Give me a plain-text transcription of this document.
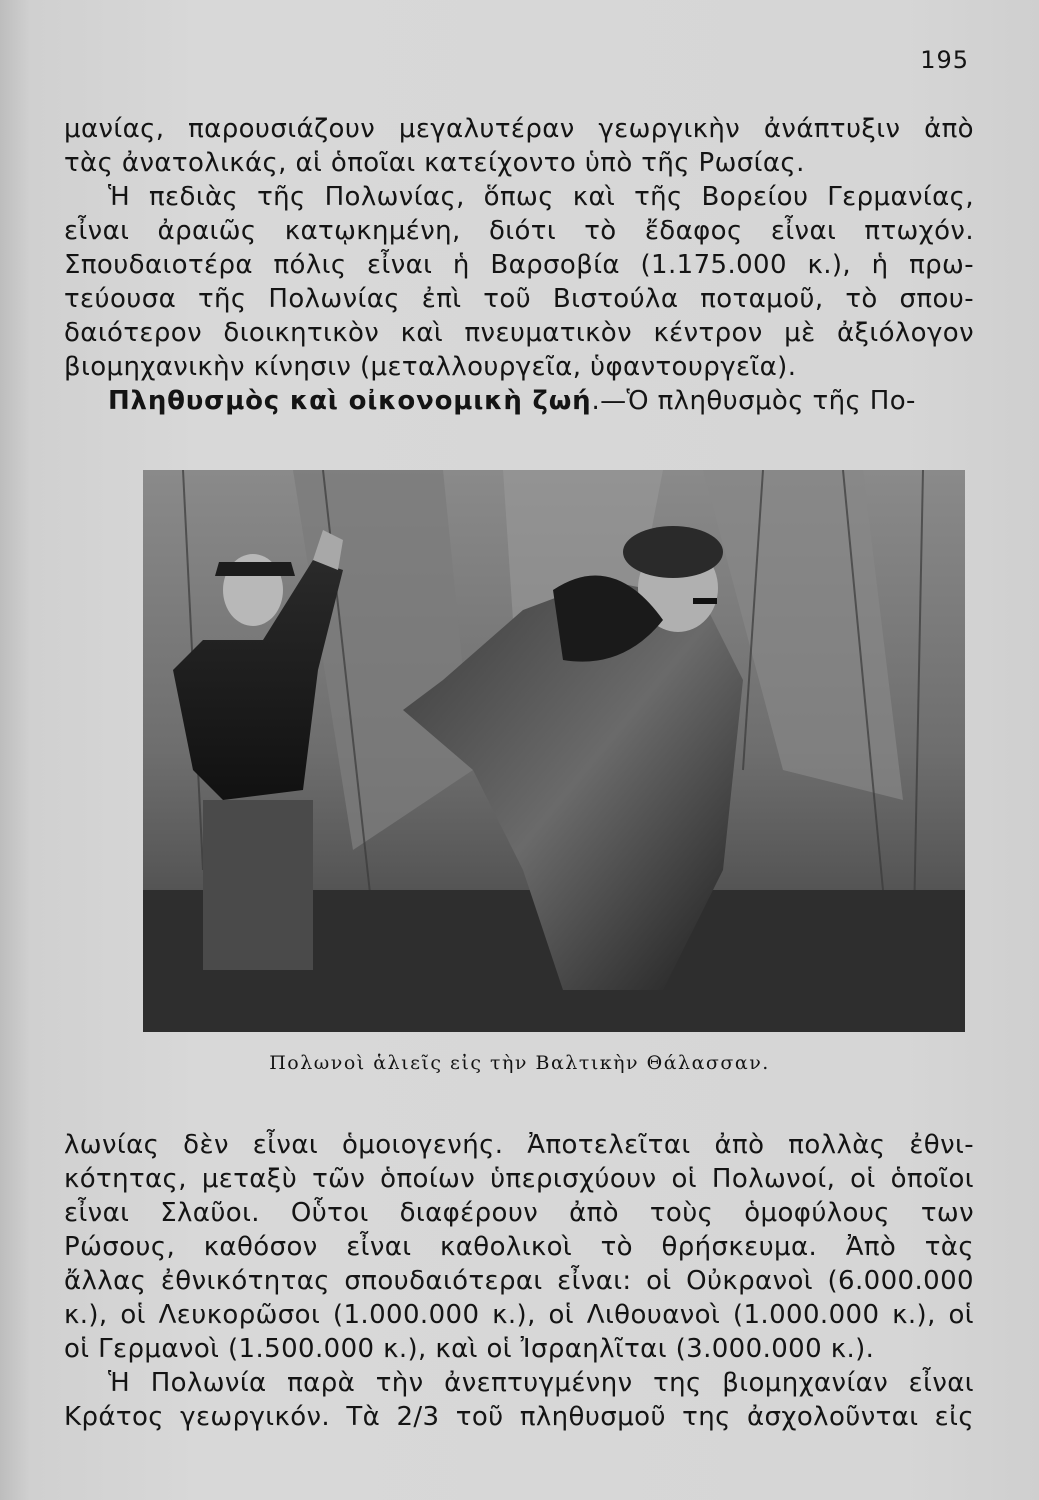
195
μανίας, παρουσιάζουν μεγαλυτέραν γεωργικὴν ἀνάπτυξιν ἀπὸ
τὰς ἀνατολικάς, αἱ ὁποῖαι κατείχοντο ὑπὸ τῆς Ρωσίας.
Ἡ πεδιὰς τῆς Πολωνίας, ὅπως καὶ τῆς Βορείου Γερμανίας,
εἶναι ἀραιῶς κατῳκημένη, διότι τὸ ἔδαφος εἶναι πτωχόν.
Σπουδαιοτέρα πόλις εἶναι ἡ Βαρσοβία (1.175.000 κ.), ἡ πρω-
τεύουσα τῆς Πολωνίας ἐπὶ τοῦ Βιστούλα ποταμοῦ, τὸ σπου-
δαιότερον διοικητικὸν καὶ πνευματικὸν κέντρον μὲ ἀξιόλογον
βιομηχανικὴν κίνησιν (μεταλλουργεῖα, ὑφαντουργεῖα).
Πληθυσμὸς καὶ οἰκονομικὴ ζωή.—Ὁ πληθυσμὸς τῆς Πο-
Πολωνοὶ ἁλιεῖς εἰς τὴν Βαλτικὴν Θάλασσαν.
λωνίας δὲν εἶναι ὁμοιογενής. Ἀποτελεῖται ἀπὸ πολλὰς ἐθνι-
κότητας, μεταξὺ τῶν ὁποίων ὑπερισχύουν οἱ Πολωνοί, οἱ ὁποῖοι
εἶναι Σλαῦοι. Οὗτοι διαφέρουν ἀπὸ τοὺς ὁμοφύλους των
Ρώσους, καθόσον εἶναι καθολικοὶ τὸ θρήσκευμα. Ἀπὸ τὰς
ἄλλας ἐθνικότητας σπουδαιότεραι εἶναι: οἱ Οὐκρανοὶ (6.000.000
κ.), οἱ Λευκορῶσοι (1.000.000 κ.), οἱ Λιθουανοὶ (1.000.000 κ.), οἱ
οἱ Γερμανοὶ (1.500.000 κ.), καὶ οἱ Ἰσραηλῖται (3.000.000 κ.).
Ἡ Πολωνία παρὰ τὴν ἀνεπτυγμένην της βιομηχανίαν εἶναι
Κράτος γεωργικόν. Τὰ 2/3 τοῦ πληθυσμοῦ της ἀσχολοῦνται εἰς
